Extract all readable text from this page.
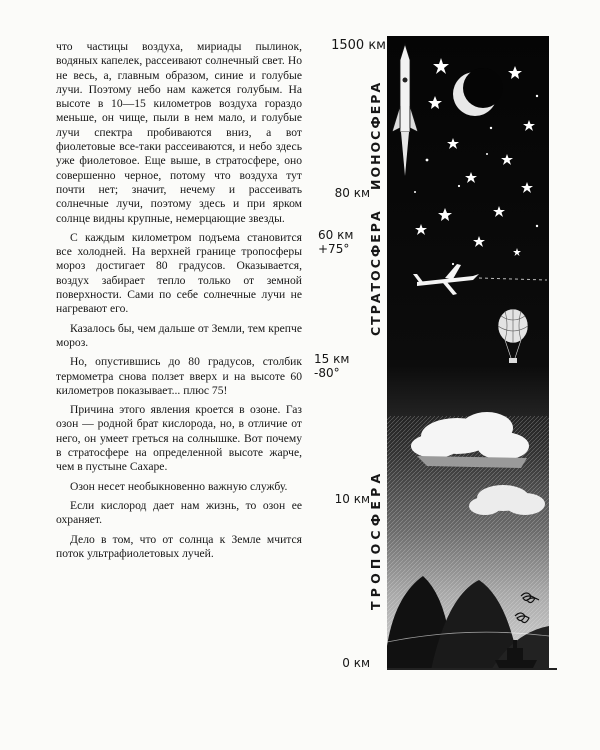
что частицы воздуха, мириады пылинок, водяных капелек, рассеивают солнечный свет. Но не весь, а, главным образом, синие и голубые лучи. Поэтому небо нам кажется голубым. На высоте в 10—15 километров воздуха гораздо меньше, он чище, пыли в нем мало, и голубые лучи спектра пробиваются вниз, а вот фиолетовые все-таки рассеиваются, и небо здесь уже фиолетовое. Еще выше, в стратосфере, оно совершенно черное, потому что воздуха тут почти нет; значит, нечему и рассеивать солнечные лучи, поэтому здесь и при ярком солнце видны крупные, немерцающие звезды.

С каждым километром подъема становится все холодней. На верхней границе тропосферы мороз достигает 80 градусов. Оказывается, воздух забирает тепло только от земной поверхности. Сами по себе солнечные лучи не нагревают его.

Казалось бы, чем дальше от Земли, тем крепче мороз.

Но, опустившись до 80 градусов, столбик термометра снова ползет вверх и на высоте 60 километров показывает... плюс 75!

Причина этого явления кроется в озоне. Газ озон — родной брат кислорода, но, в отличие от него, он умеет греться на солнышке. Вот почему в стратосфере на определенной высоте жарче, чем в пустыне Сахаре.

Озон несет необыкновенно важную службу.

Если кислород дает нам жизнь, то озон ее охраняет.

Дело в том, что от солнца к Земле мчится поток ультрафиолетовых лучей.

1500 км
80 км
60 км
+75°
15 км
-80°
10 км
0 км
ИОНОСФЕРА
СТРАТОСФЕРА
ТРОПОСФЕРА
